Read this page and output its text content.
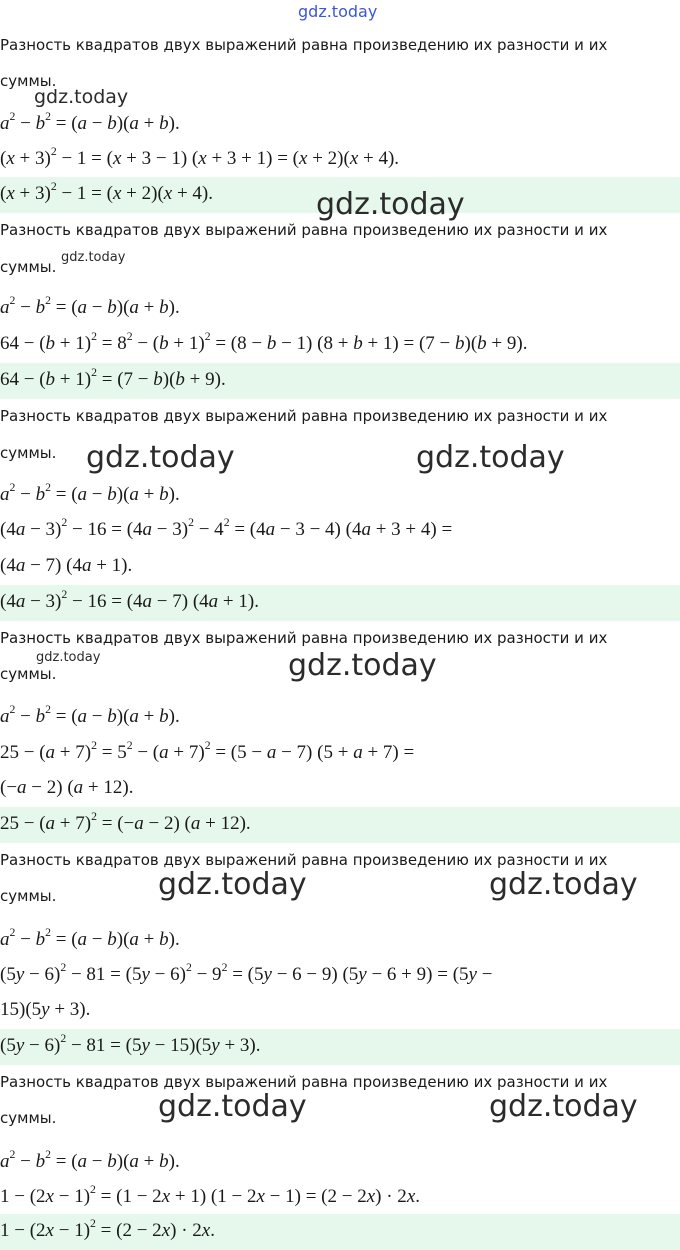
gdz.today
Разность квадратов двух выражений равна произведению их разности и их
суммы.
gdz.today
$a^2 - b^2 = (a - b)(a + b)$.
$(x + 3)^2 - 1 = (x + 3 - 1)$ (x + 3 + 1) = (x + 2)(x + 4).
$(x + 3)^2 - 1 = (x + 2)(x + 4)$.	gdz.today
Разность квадратов двух выражений равна произведению их разности и их
суммы.
gdz.today
$a^2 - b^2 = (a - b)(a + b)$.
$64 - (b + 1)^2 = 8^2 - (b + 1)^2 = (8 - b - 1)$ (8 + b + 1) = (7 − b)(b + 9).
$64 - (b + 1)^2 = (7 - b)(b + 9)$.
Разность квадратов двух выражений равна произведению их разности и их
суммы. gdz.today	gdz.today
$a^2 - b^2 = (a - b)(a + b)$.
$(4a - 3)^2 - 16 = (4a - 3)^2 - 4^2 = (4a - 3 - 4)$ (4a + 3 + 4) =
(4a − 7) (4a + 1).
$(4a - 3)^2 - 16 = (4a - 7)$ (4a + 1).
Разность квадратов двух выражений равна произведению их разности и их
суммы.
gdz.today	gdz.today
$a^2 - b^2 = (a - b)(a + b)$.
$25 - (a + 7)^2 = 5^2 - (a + 7)^2 = (5 - a - 7)$ (5 + a + 7) =
(−a − 2) (a + 12).
$25 - (a + 7)^2 = (-a - 2)$ (a + 12).
Разность квадратов двух выражений равна произведению их разности и их
суммы.	gdz.today	gdz.today
$a^2 - b^2 = (a - b)(a + b)$.
$(5y - 6)^2 - 81 = (5y - 6)^2 - 9^2 = (5y - 6 - 9)$ (5y − 6 + 9) = (5y −
15)(5y + 3).
$(5y - 6)^2 - 81 = (5y - 15)(5y + 3)$.
Разность квадратов двух выражений равна произведению их разности и их
суммы.	gdz.today	gdz.today
$a^2 - b^2 = (a - b)(a + b)$.
$1 - (2x - 1)^2 = (1 - 2x + 1)$ (1 − 2x − 1) = (2 − 2x) · 2x.
$1 - (2x - 1)^2 = (2 - 2x) \cdot 2x$.
